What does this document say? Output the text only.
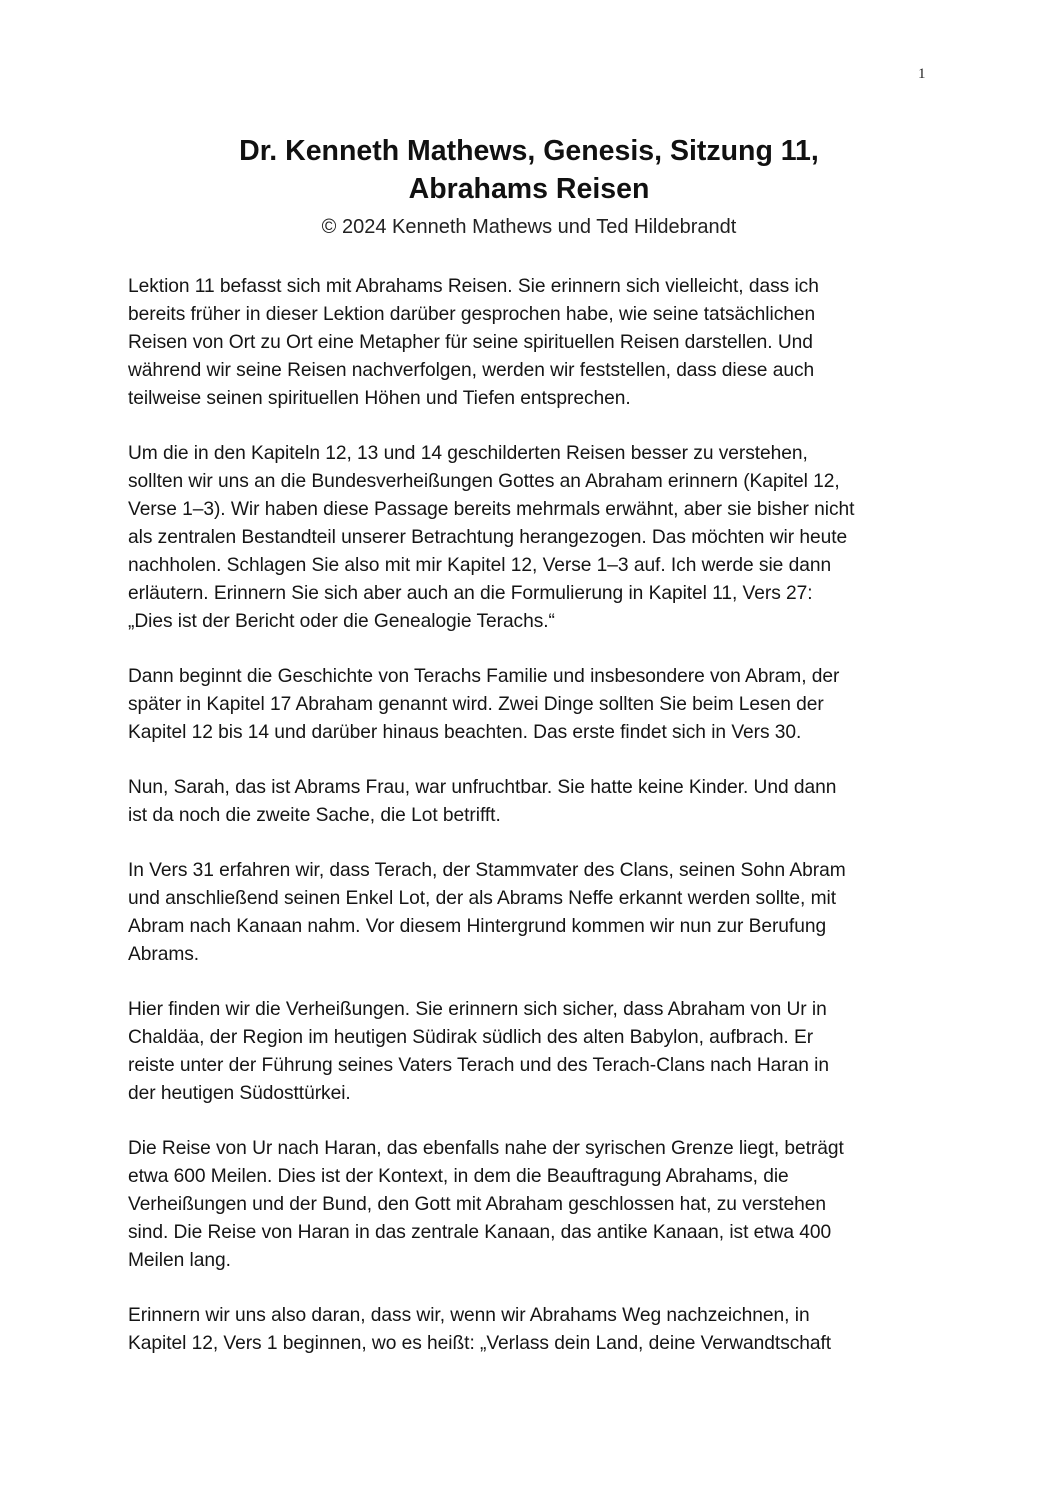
1
Dr. Kenneth Mathews, Genesis, Sitzung 11,
Abrahams Reisen
© 2024 Kenneth Mathews und Ted Hildebrandt

Lektion 11 befasst sich mit Abrahams Reisen. Sie erinnern sich vielleicht, dass ich
bereits früher in dieser Lektion darüber gesprochen habe, wie seine tatsächlichen
Reisen von Ort zu Ort eine Metapher für seine spirituellen Reisen darstellen. Und
während wir seine Reisen nachverfolgen, werden wir feststellen, dass diese auch
teilweise seinen spirituellen Höhen und Tiefen entsprechen.

Um die in den Kapiteln 12, 13 und 14 geschilderten Reisen besser zu verstehen,
sollten wir uns an die Bundesverheißungen Gottes an Abraham erinnern (Kapitel 12,
Verse 1–3). Wir haben diese Passage bereits mehrmals erwähnt, aber sie bisher nicht
als zentralen Bestandteil unserer Betrachtung herangezogen. Das möchten wir heute
nachholen. Schlagen Sie also mit mir Kapitel 12, Verse 1–3 auf. Ich werde sie dann
erläutern. Erinnern Sie sich aber auch an die Formulierung in Kapitel 11, Vers 27:
„Dies ist der Bericht oder die Genealogie Terachs.“

Dann beginnt die Geschichte von Terachs Familie und insbesondere von Abram, der
später in Kapitel 17 Abraham genannt wird. Zwei Dinge sollten Sie beim Lesen der
Kapitel 12 bis 14 und darüber hinaus beachten. Das erste findet sich in Vers 30.

Nun, Sarah, das ist Abrams Frau, war unfruchtbar. Sie hatte keine Kinder. Und dann
ist da noch die zweite Sache, die Lot betrifft.

In Vers 31 erfahren wir, dass Terach, der Stammvater des Clans, seinen Sohn Abram
und anschließend seinen Enkel Lot, der als Abrams Neffe erkannt werden sollte, mit
Abram nach Kanaan nahm. Vor diesem Hintergrund kommen wir nun zur Berufung
Abrams.

Hier finden wir die Verheißungen. Sie erinnern sich sicher, dass Abraham von Ur in
Chaldäa, der Region im heutigen Südirak südlich des alten Babylon, aufbrach. Er
reiste unter der Führung seines Vaters Terach und des Terach-Clans nach Haran in
der heutigen Südosttürkei.

Die Reise von Ur nach Haran, das ebenfalls nahe der syrischen Grenze liegt, beträgt
etwa 600 Meilen. Dies ist der Kontext, in dem die Beauftragung Abrahams, die
Verheißungen und der Bund, den Gott mit Abraham geschlossen hat, zu verstehen
sind. Die Reise von Haran in das zentrale Kanaan, das antike Kanaan, ist etwa 400
Meilen lang.

Erinnern wir uns also daran, dass wir, wenn wir Abrahams Weg nachzeichnen, in
Kapitel 12, Vers 1 beginnen, wo es heißt: „Verlass dein Land, deine Verwandtschaft
